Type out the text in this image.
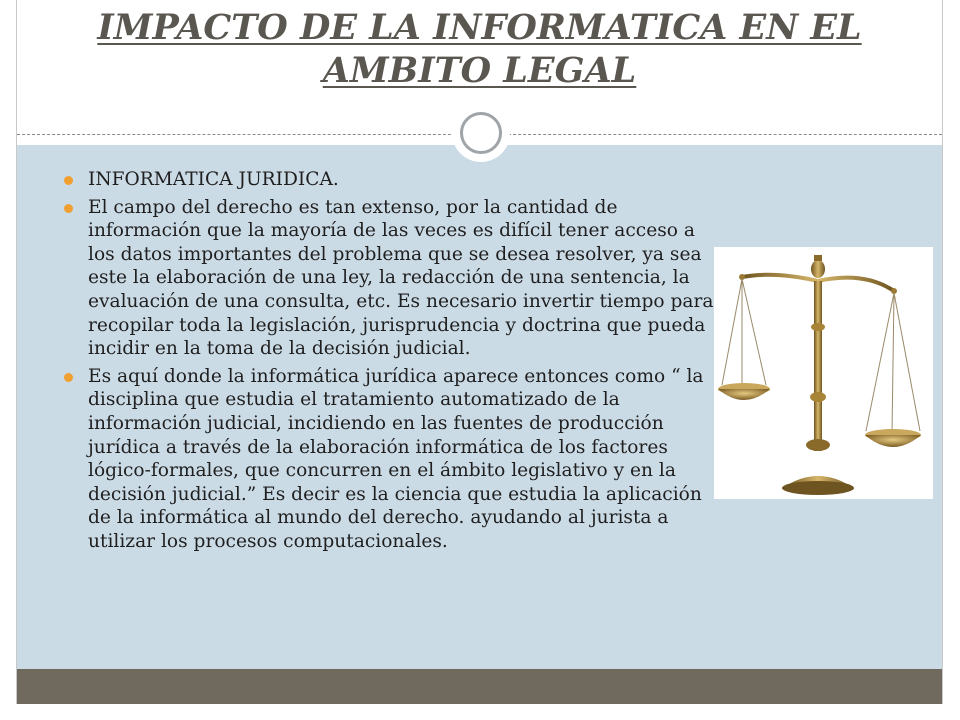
IMPACTO DE LA INFORMATICA EN EL AMBITO LEGAL
INFORMATICA JURIDICA.
El campo del derecho es tan extenso, por la cantidad de información que la mayoría de las veces es difícil tener acceso a los datos importantes del problema que se desea resolver, ya sea este la elaboración de una ley, la redacción de una sentencia, la evaluación de una consulta, etc. Es necesario invertir tiempo para recopilar toda la legislación, jurisprudencia y doctrina que pueda incidir en la toma de la decisión judicial.
Es aquí donde la informática jurídica aparece entonces como “ la disciplina que estudia el tratamiento automatizado de la información judicial, incidiendo en las fuentes de producción jurídica a través de la elaboración informática de los factores lógico-formales, que concurren en el ámbito legislativo y en la decisión judicial.” Es decir es la ciencia que estudia la aplicación de la informática al mundo del derecho. ayudando al jurista a utilizar los procesos computacionales.
